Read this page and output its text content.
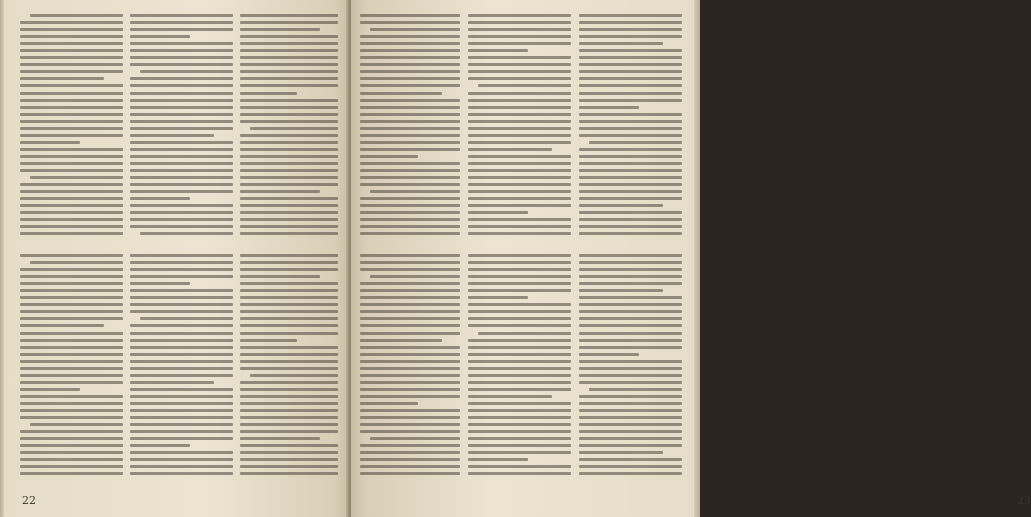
22	23
